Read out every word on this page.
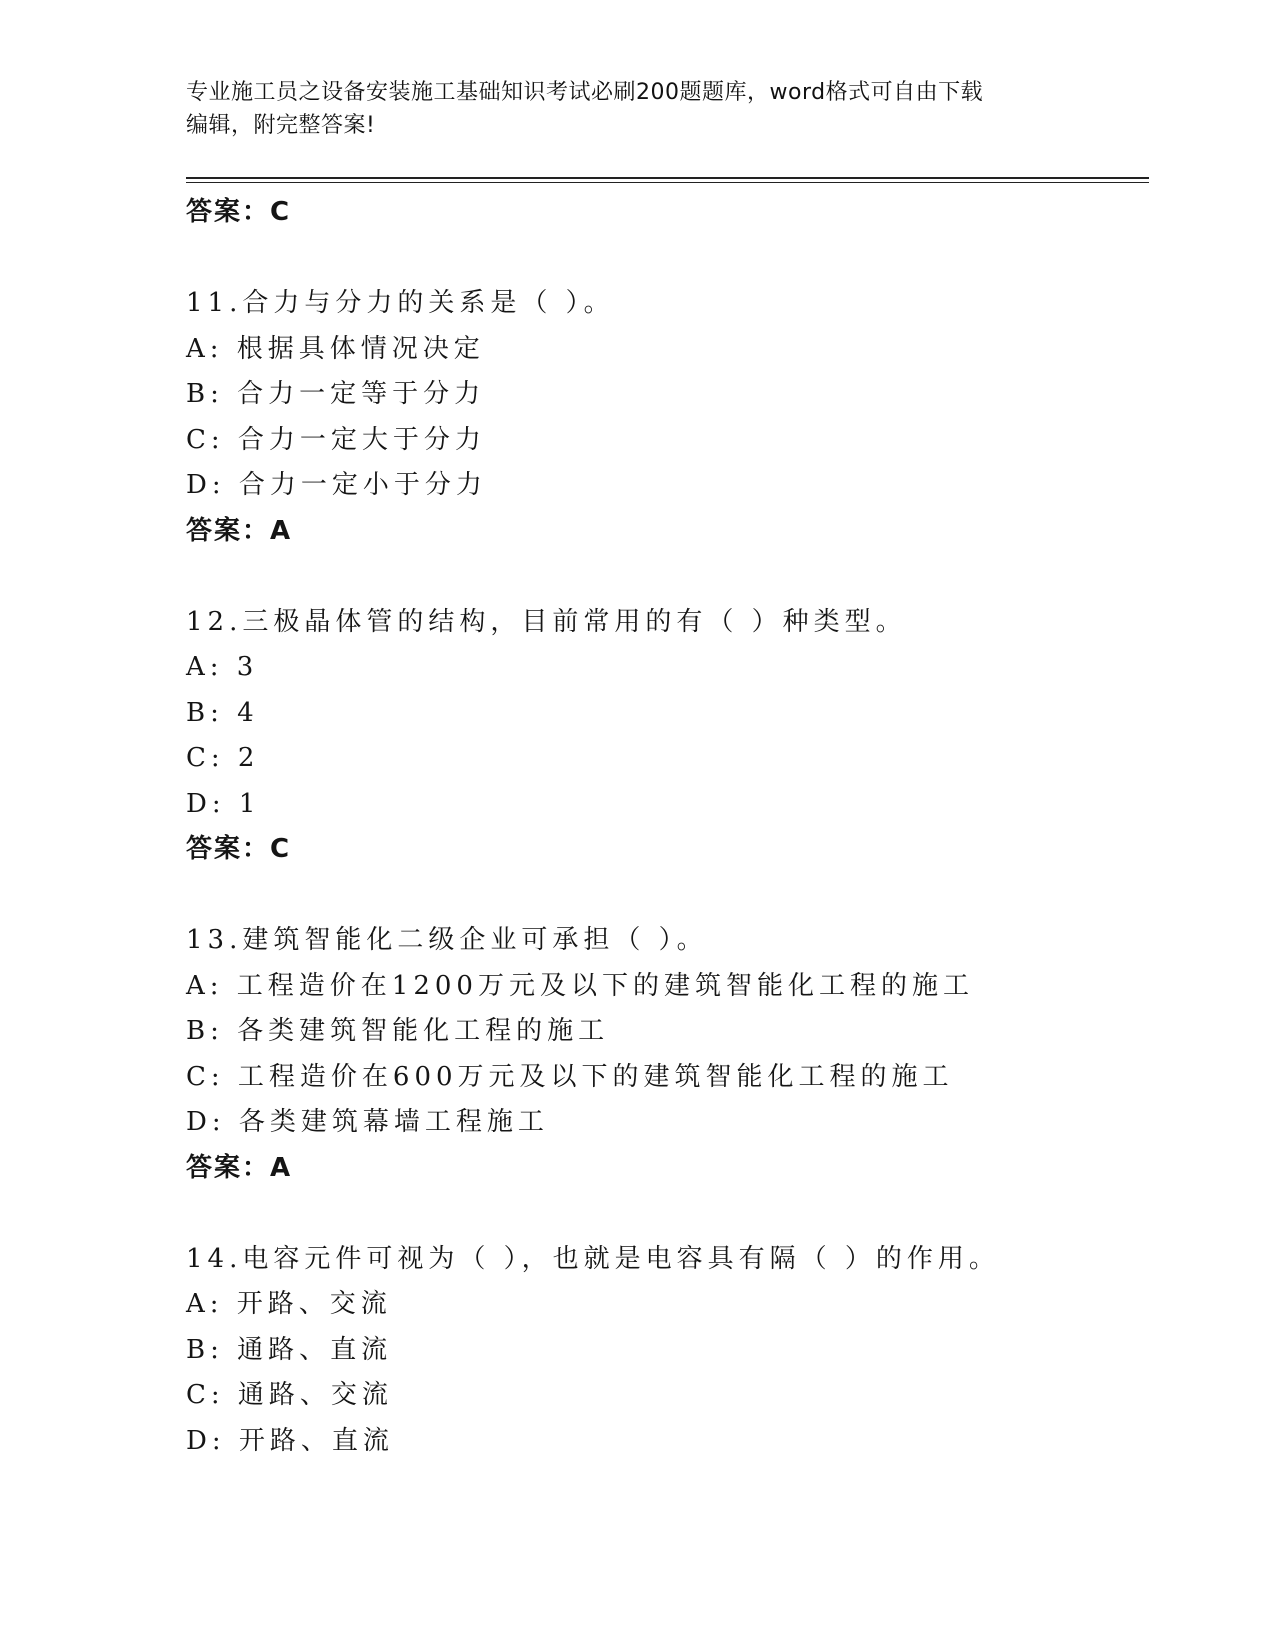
专业施工员之设备安装施工基础知识考试必刷200题题库，word格式可自由下载
编辑，附完整答案!
答案：C
11.合力与分力的关系是（ ）。
A: 根据具体情况决定
B: 合力一定等于分力
C: 合力一定大于分力
D: 合力一定小于分力
答案：A
12.三极晶体管的结构，目前常用的有（ ）种类型。
A: 3
B: 4
C: 2
D: 1
答案：C
13.建筑智能化二级企业可承担（ ）。
A: 工程造价在1200万元及以下的建筑智能化工程的施工
B: 各类建筑智能化工程的施工
C: 工程造价在600万元及以下的建筑智能化工程的施工
D: 各类建筑幕墙工程施工
答案：A
14.电容元件可视为（ ），也就是电容具有隔（ ）的作用。
A: 开路、交流
B: 通路、直流
C: 通路、交流
D: 开路、直流
